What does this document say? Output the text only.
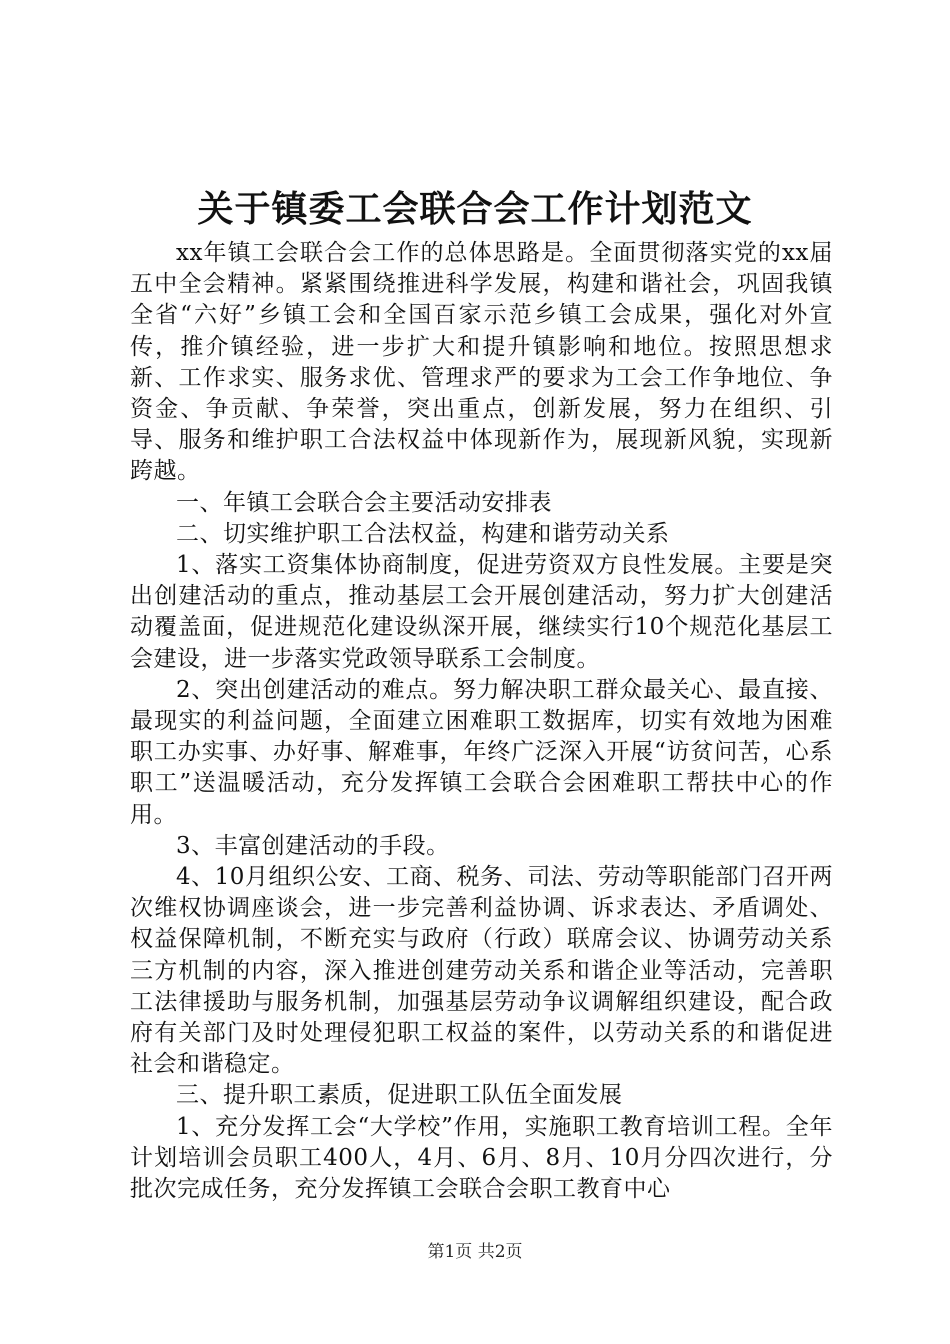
关于镇委工会联合会工作计划范文

xx年镇工会联合会工作的总体思路是。全面贯彻落实党的xx届五中全会精神。紧紧围绕推进科学发展，构建和谐社会，巩固我镇全省“六好”乡镇工会和全国百家示范乡镇工会成果，强化对外宣传，推介镇经验，进一步扩大和提升镇影响和地位。按照思想求新、工作求实、服务求优、管理求严的要求为工会工作争地位、争资金、争贡献、争荣誉，突出重点，创新发展，努力在组织、引导、服务和维护职工合法权益中体现新作为，展现新风貌，实现新跨越。

一、年镇工会联合会主要活动安排表

二、切实维护职工合法权益，构建和谐劳动关系

1、落实工资集体协商制度，促进劳资双方良性发展。主要是突出创建活动的重点，推动基层工会开展创建活动，努力扩大创建活动覆盖面，促进规范化建设纵深开展，继续实行10个规范化基层工会建设，进一步落实党政领导联系工会制度。

2、突出创建活动的难点。努力解决职工群众最关心、最直接、最现实的利益问题，全面建立困难职工数据库，切实有效地为困难职工办实事、办好事、解难事，年终广泛深入开展“访贫问苦，心系职工”送温暖活动，充分发挥镇工会联合会困难职工帮扶中心的作用。

3、丰富创建活动的手段。

4、10月组织公安、工商、税务、司法、劳动等职能部门召开两次维权协调座谈会，进一步完善利益协调、诉求表达、矛盾调处、权益保障机制，不断充实与政府（行政）联席会议、协调劳动关系三方机制的内容，深入推进创建劳动关系和谐企业等活动，完善职工法律援助与服务机制，加强基层劳动争议调解组织建设，配合政府有关部门及时处理侵犯职工权益的案件，以劳动关系的和谐促进社会和谐稳定。

三、提升职工素质，促进职工队伍全面发展

1、充分发挥工会“大学校”作用，实施职工教育培训工程。全年计划培训会员职工400人，4月、6月、8月、10月分四次进行，分批次完成任务，充分发挥镇工会联合会职工教育中心

第1页 共2页
